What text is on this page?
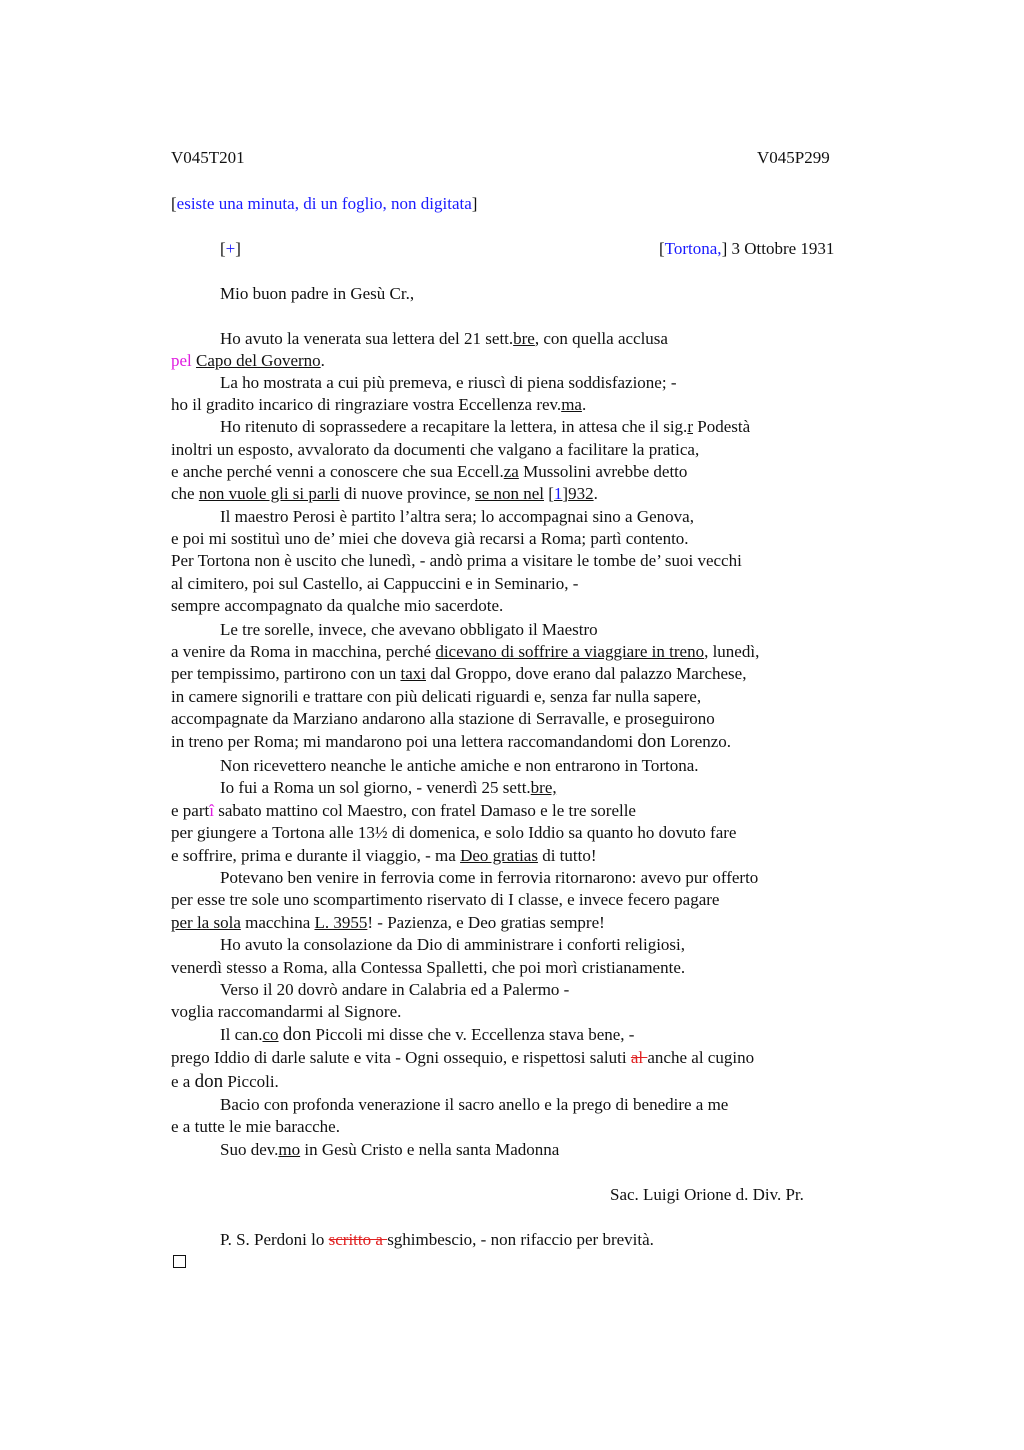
V045T201	V045P299
[esiste una minuta, di un foglio, non digitata]
[+]	[Tortona,] 3 Ottobre 1931
Mio buon padre in Gesù Cr.,
Ho avuto la venerata sua lettera del 21 sett.bre, con quella acclusa
pel Capo del Governo.
La ho mostrata a cui più premeva, e riuscì di piena soddisfazione; -
ho il gradito incarico di ringraziare vostra Eccellenza rev.ma.
Ho ritenuto di soprassedere a recapitare la lettera, in attesa che il sig.r Podestà
inoltri un esposto, avvalorato da documenti che valgano a facilitare la pratica,
e anche perché venni a conoscere che sua Eccell.za Mussolini avrebbe detto
che non vuole gli si parli di nuove province, se non nel [1]932.
Il maestro Perosi è partito l’altra sera; lo accompagnai sino a Genova,
e poi mi sostituì uno de’ miei che doveva già recarsi a Roma; partì contento.
Per Tortona non è uscito che lunedì, - andò prima a visitare le tombe de’ suoi vecchi
al cimitero, poi sul Castello, ai Cappuccini e in Seminario, -
sempre accompagnato da qualche mio sacerdote.
Le tre sorelle, invece, che avevano obbligato il Maestro
a venire da Roma in macchina, perché dicevano di soffrire a viaggiare in treno, lunedì,
per tempissimo, partirono con un taxi dal Groppo, dove erano dal palazzo Marchese,
in camere signorili e trattare con più delicati riguardi e, senza far nulla sapere,
accompagnate da Marziano andarono alla stazione di Serravalle, e proseguirono
in treno per Roma; mi mandarono poi una lettera raccomandandomi don Lorenzo.
Non ricevettero neanche le antiche amiche e non entrarono in Tortona.
Io fui a Roma un sol giorno, - venerdì 25 sett.bre,
e partî sabato mattino col Maestro, con fratel Damaso e le tre sorelle
per giungere a Tortona alle 13½ di domenica, e solo Iddio sa quanto ho dovuto fare
e soffrire, prima e durante il viaggio, - ma Deo gratias di tutto!
Potevano ben venire in ferrovia come in ferrovia ritornarono: avevo pur offerto
per esse tre sole uno scompartimento riservato di I classe, e invece fecero pagare
per la sola macchina L. 3955! - Pazienza, e Deo gratias sempre!
Ho avuto la consolazione da Dio di amministrare i conforti religiosi,
venerdì stesso a Roma, alla Contessa Spalletti, che poi morì cristianamente.
Verso il 20 dovrò andare in Calabria ed a Palermo -
voglia raccomandarmi al Signore.
Il can.co don Piccoli mi disse che v. Eccellenza stava bene, -
prego Iddio di darle salute e vita - Ogni ossequio, e rispettosi saluti al anche al cugino
e a don Piccoli.
Bacio con profonda venerazione il sacro anello e la prego di benedire a me
e a tutte le mie baracche.
Suo dev.mo in Gesù Cristo e nella santa Madonna
Sac. Luigi Orione d. Div. Pr.
P. S. Perdoni lo scritto a sghimbescio, - non rifaccio per brevità.
